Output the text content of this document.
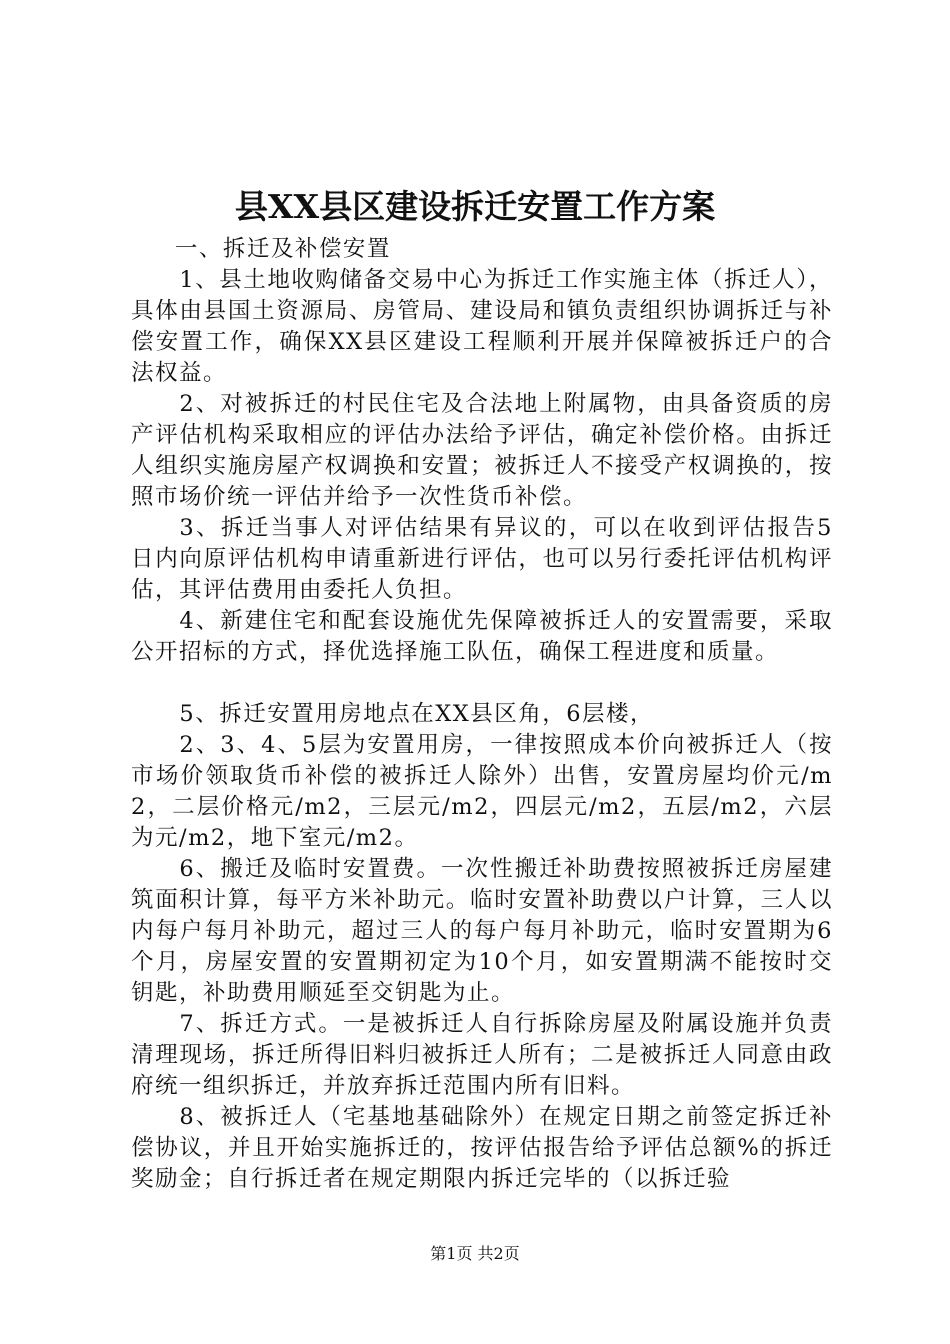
县XX县区建设拆迁安置工作方案

一、拆迁及补偿安置

1、县土地收购储备交易中心为拆迁工作实施主体（拆迁人），具体由县国土资源局、房管局、建设局和镇负责组织协调拆迁与补偿安置工作，确保XX县区建设工程顺利开展并保障被拆迁户的合法权益。

2、对被拆迁的村民住宅及合法地上附属物，由具备资质的房产评估机构采取相应的评估办法给予评估，确定补偿价格。由拆迁人组织实施房屋产权调换和安置；被拆迁人不接受产权调换的，按照市场价统一评估并给予一次性货币补偿。

3、拆迁当事人对评估结果有异议的，可以在收到评估报告5日内向原评估机构申请重新进行评估，也可以另行委托评估机构评估，其评估费用由委托人负担。

4、新建住宅和配套设施优先保障被拆迁人的安置需要，采取公开招标的方式，择优选择施工队伍，确保工程进度和质量。

5、拆迁安置用房地点在XX县区角，6层楼，

2、3、4、5层为安置用房，一律按照成本价向被拆迁人（按市场价领取货币补偿的被拆迁人除外）出售，安置房屋均价元/m2，二层价格元/m2，三层元/m2，四层元/m2，五层/m2，六层为元/m2，地下室元/m2。

6、搬迁及临时安置费。一次性搬迁补助费按照被拆迁房屋建筑面积计算，每平方米补助元。临时安置补助费以户计算，三人以内每户每月补助元，超过三人的每户每月补助元，临时安置期为6个月，房屋安置的安置期初定为10个月，如安置期满不能按时交钥匙，补助费用顺延至交钥匙为止。

7、拆迁方式。一是被拆迁人自行拆除房屋及附属设施并负责清理现场，拆迁所得旧料归被拆迁人所有；二是被拆迁人同意由政府统一组织拆迁，并放弃拆迁范围内所有旧料。

8、被拆迁人（宅基地基础除外）在规定日期之前签定拆迁补偿协议，并且开始实施拆迁的，按评估报告给予评估总额%的拆迁奖励金；自行拆迁者在规定期限内拆迁完毕的（以拆迁验

第1页 共2页
